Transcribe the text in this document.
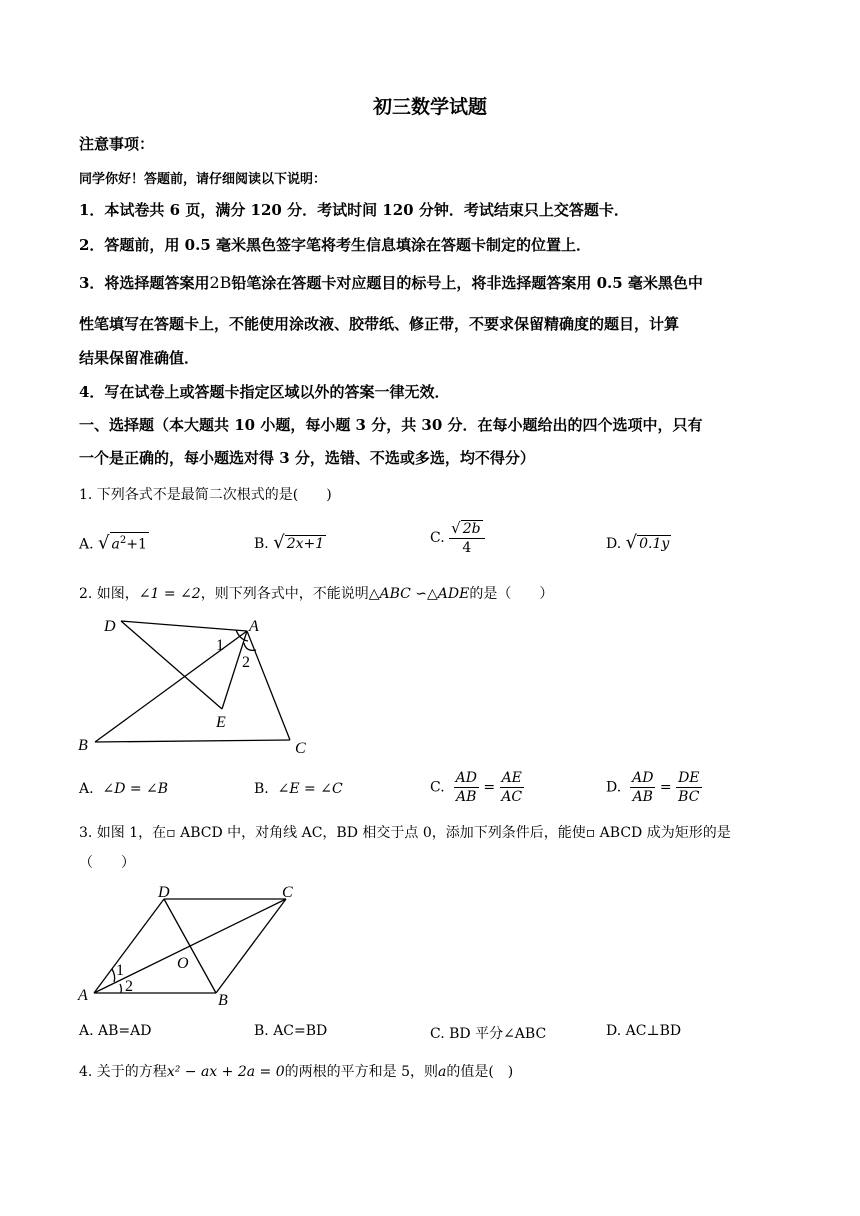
初三数学试题
注意事项：
同学你好！答题前，请仔细阅读以下说明：
1．本试卷共 6 页，满分 120 分．考试时间 120 分钟．考试结束只上交答题卡．
2．答题前，用 0.5 毫米黑色签字笔将考生信息填涂在答题卡制定的位置上．
3．将选择题答案用2B铅笔涂在答题卡对应题目的标号上，将非选择题答案用 0.5 毫米黑色中
性笔填写在答题卡上，不能使用涂改液、胶带纸、修正带，不要求保留精确度的题目，计算
结果保留准确值．
4．写在试卷上或答题卡指定区域以外的答案一律无效．
一、选择题（本大题共 10 小题，每小题 3 分，共 30 分．在每小题给出的四个选项中，只有
一个是正确的，每小题选对得 3 分，选错、不选或多选，均不得分）
1. 下列各式不是最简二次根式的是(　　)
A. √ $a^2+1$	B. √ 2x+1	C. $\frac{√ 2b}{4}$	D. √ 0.1y
2. 如图，∠1 = ∠2，则下列各式中，不能说明△ABC ∽△ADE的是（　　）
D	A
1
2
E
B	C
A. ∠D = ∠B	B. ∠E = ∠C	C. $\frac{AD}{AB} = \frac{AE}{AC}$	D. $\frac{AD}{AB} = \frac{DE}{BC}$
3. 如图 1，在▫ ABCD 中，对角线 AC，BD 相交于点 0，添加下列条件后，能使▫ ABCD 成为矩形的是
（　　）
D	C
1	O
2
A	B
A. AB=AD	B. AC=BD	C. BD 平分∠ABC	D. AC⊥BD
4. 关于的方程x² − ax + 2a = 0的两根的平方和是 5，则a的值是(　)
